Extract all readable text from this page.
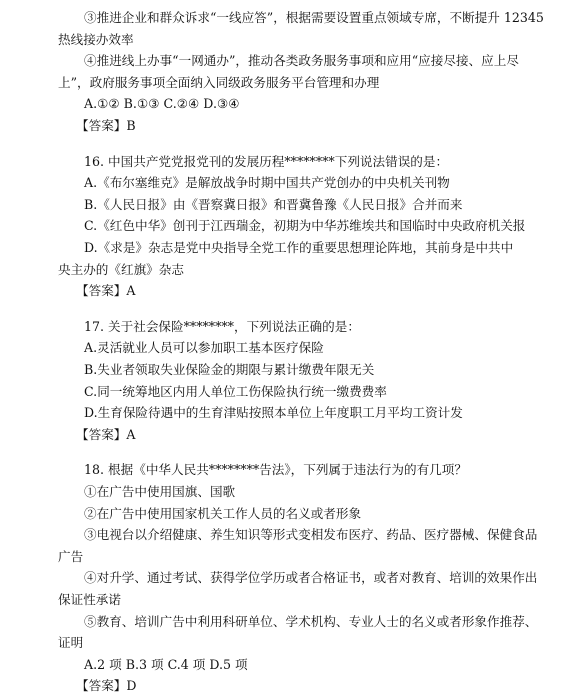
③推进企业和群众诉求“一线应答”，根据需要设置重点领域专席，不断提升 12345
热线接办效率
④推进线上办事“一网通办”，推动各类政务服务事项和应用“应接尽接、应上尽
上”，政府服务事项全面纳入同级政务服务平台管理和办理
A.①② B.①③ C.②④ D.③④
【答案】B
16. 中国共产党党报党刊的发展历程********下列说法错误的是：
A.《布尔塞维克》是解放战争时期中国共产党创办的中央机关刊物
B.《人民日报》由《晋察冀日报》和晋冀鲁豫《人民日报》合并而来
C.《红色中华》创刊于江西瑞金，初期为中华苏维埃共和国临时中央政府机关报
D.《求是》杂志是党中央指导全党工作的重要思想理论阵地，其前身是中共中
央主办的《红旗》杂志
【答案】A
17. 关于社会保险********，下列说法正确的是：
A.灵活就业人员可以参加职工基本医疗保险
B.失业者领取失业保险金的期限与累计缴费年限无关
C.同一统筹地区内用人单位工伤保险执行统一缴费费率
D.生育保险待遇中的生育津贴按照本单位上年度职工月平均工资计发
【答案】A
18. 根据《中华人民共********告法》，下列属于违法行为的有几项？
①在广告中使用国旗、国歌
②在广告中使用国家机关工作人员的名义或者形象
③电视台以介绍健康、养生知识等形式变相发布医疗、药品、医疗器械、保健食品
广告
④对升学、通过考试、获得学位学历或者合格证书，或者对教育、培训的效果作出
保证性承诺
⑤教育、培训广告中利用科研单位、学术机构、专业人士的名义或者形象作推荐、
证明
A.2 项 B.3 项 C.4 项 D.5 项
【答案】D
